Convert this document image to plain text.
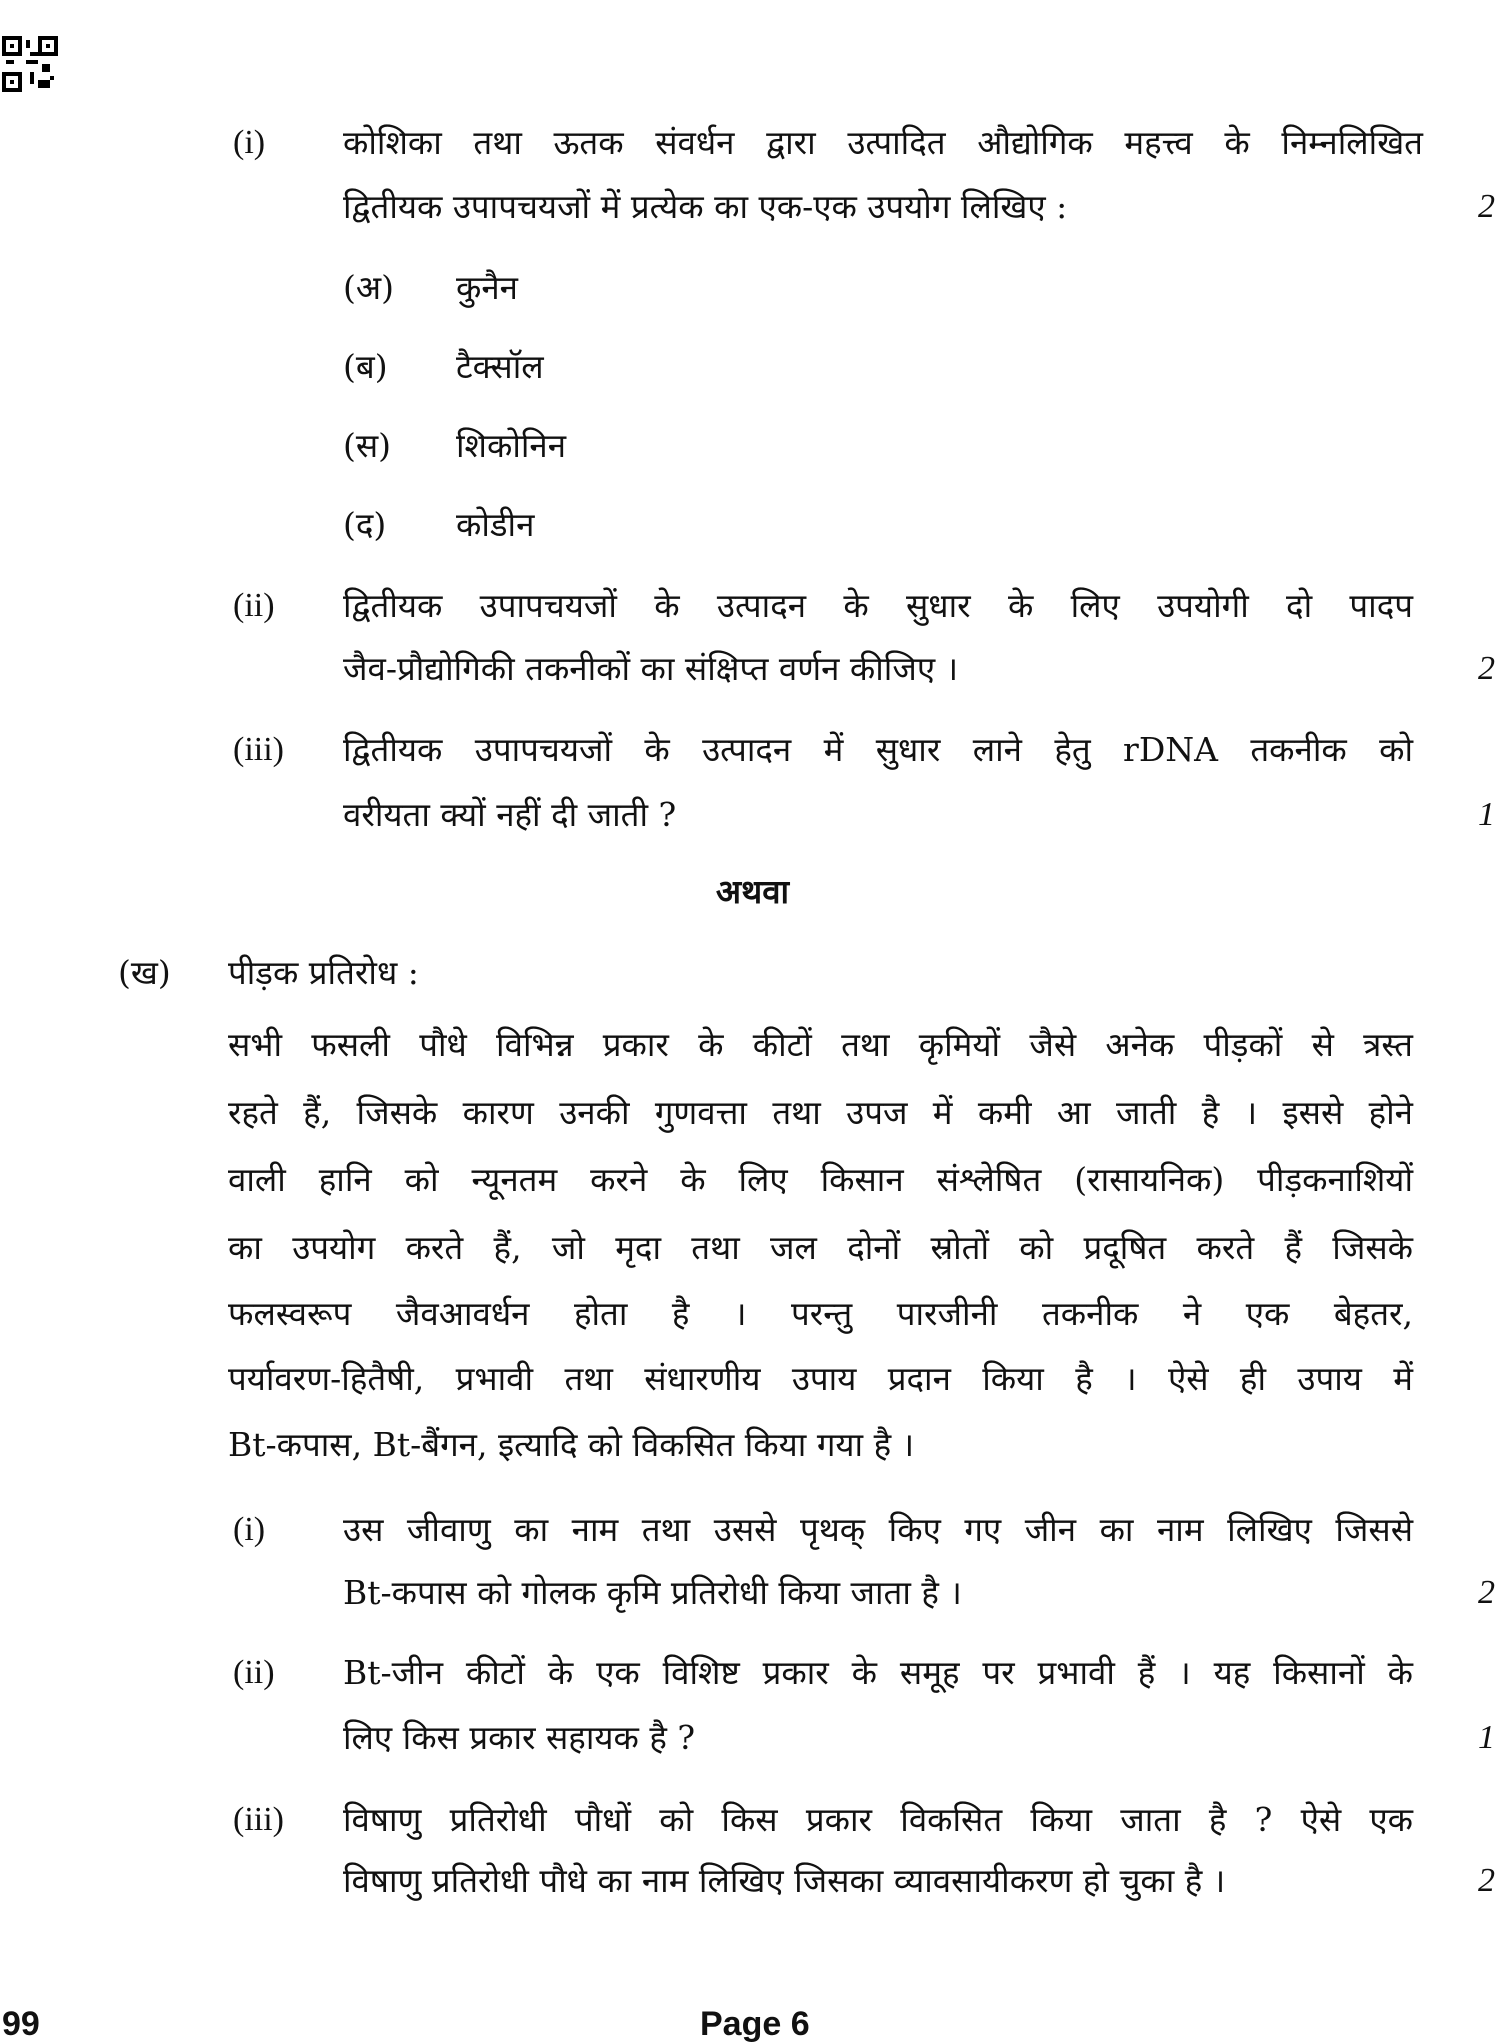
(i) कोशिका तथा ऊतक संवर्धन द्वारा उत्पादित औद्योगिक महत्त्व के निम्नलिखित
द्वितीयक उपापचयजों में प्रत्येक का एक-एक उपयोग लिखिए :	2
(अ) कुनैन
(ब) टैक्सॉल
(स) शिकोनिन
(द) कोडीन
(ii) द्वितीयक उपापचयजों के उत्पादन के सुधार के लिए उपयोगी दो पादप
जैव-प्रौद्योगिकी तकनीकों का संक्षिप्त वर्णन कीजिए ।	2
(iii) द्वितीयक उपापचयजों के उत्पादन में सुधार लाने हेतु rDNA तकनीक को
वरीयता क्यों नहीं दी जाती ?	1
अथवा
(ख) पीड़क प्रतिरोध :
सभी फसली पौधे विभिन्न प्रकार के कीटों तथा कृमियों जैसे अनेक पीड़कों से त्रस्त
रहते हैं, जिसके कारण उनकी गुणवत्ता तथा उपज में कमी आ जाती है । इससे होने
वाली हानि को न्यूनतम करने के लिए किसान संश्लेषित (रासायनिक) पीड़कनाशियों
का उपयोग करते हैं, जो मृदा तथा जल दोनों स्रोतों को प्रदूषित करते हैं जिसके
फलस्वरूप जैवआवर्धन होता है । परन्तु पारजीनी तकनीक ने एक बेहतर,
पर्यावरण-हितैषी, प्रभावी तथा संधारणीय उपाय प्रदान किया है । ऐसे ही उपाय में
Bt-कपास, Bt-बैंगन, इत्यादि को विकसित किया गया है ।
(i) उस जीवाणु का नाम तथा उससे पृथक् किए गए जीन का नाम लिखिए जिससे
Bt-कपास को गोलक कृमि प्रतिरोधी किया जाता है ।	2
(ii) Bt-जीन कीटों के एक विशिष्ट प्रकार के समूह पर प्रभावी हैं । यह किसानों के
लिए किस प्रकार सहायक है ?	1
(iii) विषाणु प्रतिरोधी पौधों को किस प्रकार विकसित किया जाता है ? ऐसे एक
विषाणु प्रतिरोधी पौधे का नाम लिखिए जिसका व्यावसायीकरण हो चुका है ।	2
99	Page 6
